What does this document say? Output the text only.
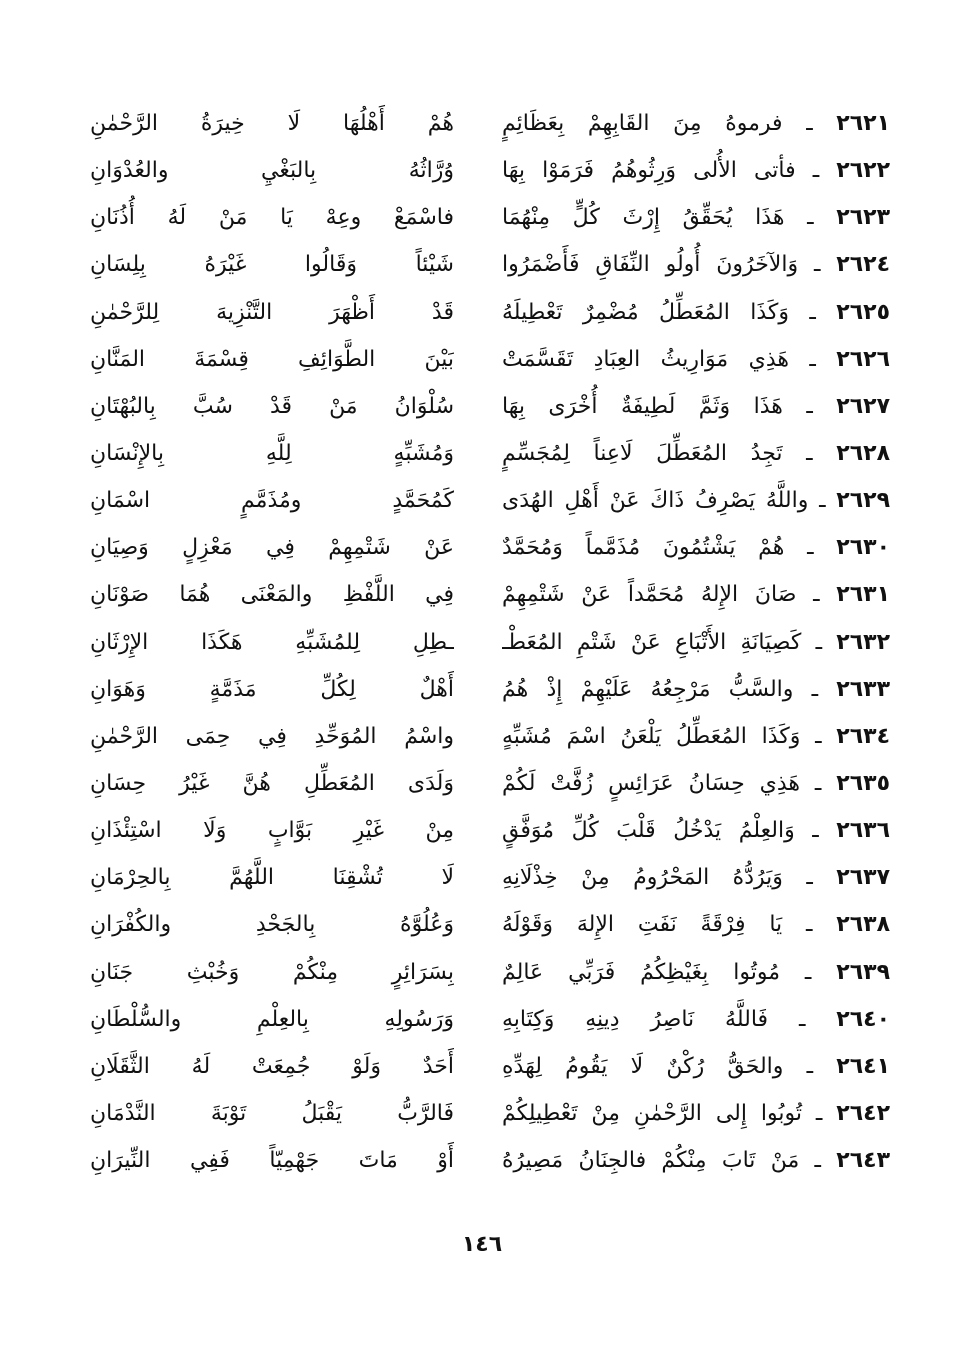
٢٦٢١ ـ فرموهُ مِنَ القَابِهِمْ بِعَظَائِمٍ
هُمْ أَهْلُهَا لَا خِيرَةُ الرَّحْمٰنِ
٢٦٢٢ ـ فأتى الأُلى وَرِثُوهُمُ فَرَمَوْا بِهَا
وُرَّاثُهُ بِالبَغْيِ والعُدْوَانِ
٢٦٢٣ ـ هَذَا يُحَقِّقُ إِرْثَ كُلٍّ مِنْهُمَا
فاسْمَعْ وعِهْ يَا مَنْ لَهُ أُذُنَانِ
٢٦٢٤ ـ وَالآخَرُونَ أُولُو النِّفَاقِ فَأَضْمَرُوا
شَيْئاً وَقَالُوا غَيْرَهُ بِلِسَانِ
٢٦٢٥ ـ وَكَذَا المُعَطِّلُ مُضْمِرٌ تَعْطِيلَهُ
قَدْ أَظْهَرَ التَّنْزِيهَ لِلرَّحْمٰنِ
٢٦٢٦ ـ هَذِي مَوَارِيثُ العِبَادِ تَقَسَّمَتْ
بَيْنَ الطَّوَائِفِ قِسْمَةَ المَنَّانِ
٢٦٢٧ ـ هَذَا وَثَمَّ لَطِيفَةٌ أُخْرَى بِهَا
سُلْوَانُ مَنْ قَدْ سُبَّ بِالبُهْتَانِ
٢٦٢٨ ـ تَجِدُ المُعَطِّلَ لَاعِناً لِمُجَسِّمٍ
وَمُشَبِّهٍ لِلَّهِ بِالإِنْسَانِ
٢٦٢٩ ـ واللَّهُ يَصْرِفُ ذَاكَ عَنْ أَهْلِ الهُدَى
كَمُحَمَّدٍ ومُذَمَّمٍ اسْمَانِ
٢٦٣٠ ـ هُمْ يَشْتُمُونَ مُذَمَّماً وَمُحَمَّدٌ
عَنْ شَتْمِهِمْ فِي مَعْزِلٍ وَصِيَانِ
٢٦٣١ ـ صَانَ الإِلهُ مُحَمَّداً عَنْ شَتْمِهِمْ
فِي اللَّفْظِ والمَعْنَى هُمَا صَوْنَانِ
٢٦٣٢ ـ كَصِيَانَةِ الأَتْبَاعِ عَنْ شَتْمِ المُعَطْـ
ـطِلِ لِلمُشَبِّهِ هَكَذَا الإِرْثَانِ
٢٦٣٣ ـ والسَّبُّ مَرْجِعُهُ عَلَيْهِمْ إِذْ هُمُ
أَهْلٌ لِكُلِّ مَذَمَّةٍ وَهَوَانِ
٢٦٣٤ ـ وَكَذَا المُعَطِّلُ يَلْعَنُ اسْمَ مُشَبِّهٍ
واسْمُ المُوَحِّدِ فِي حِمَى الرَّحْمٰنِ
٢٦٣٥ ـ هَذِي حِسَانُ عَرَائِسٍ زُفَّتْ لَكُمْ
وَلَدَى المُعَطِّلِ هُنَّ غَيْرُ حِسَانِ
٢٦٣٦ ـ وَالعِلْمُ يَدْخُلُ قَلْبَ كُلِّ مُوَفَّقٍ
مِنْ غَيْرِ بَوَّابٍ وَلَا اسْتِئْذَانِ
٢٦٣٧ ـ وَيَرُدُّهُ المَحْرُومُ مِنْ خِذْلَانِهِ
لَا تُشْقِنَا اللَّهُمَّ بِالحِرْمَانِ
٢٦٣٨ ـ يَا فِرْقَةً نَفَتِ الإِلهَ وَقَوْلَهُ
وَعُلُوَّهُ بِالجَحْدِ والكُفْرَانِ
٢٦٣٩ ـ مُوتُوا بِغَيْظِكُمُ فَرَبِّي عَالِمٌ
بِسَرَائِرٍ مِنْكُمْ وَخُبْثِ جَنَانِ
٢٦٤٠ ـ فَاللَّهُ نَاصِرُ دِينِهِ وَكِتَابِهِ
وَرَسُولِهِ بِالعِلْمِ والسُّلْطَانِ
٢٦٤١ ـ والحَقُّ رُكْنٌ لَا يَقُومُ لِهَدِّهِ
أَحَدٌ وَلَوْ جُمِعَتْ لَهُ الثَّقَلَانِ
٢٦٤٢ ـ تُوبُوا إِلى الرَّحْمٰنِ مِنْ تَعْطِيلِكُمْ
فَالرَّبُّ يَقْبَلُ تَوْبَةَ النَّدْمَانِ
٢٦٤٣ ـ مَنْ تَابَ مِنْكُمْ فالجِنَانُ مَصِيرُهُ
أَوْ مَاتَ جَهْمِيّاً فَفِي النِّيرَانِ
١٤٦
